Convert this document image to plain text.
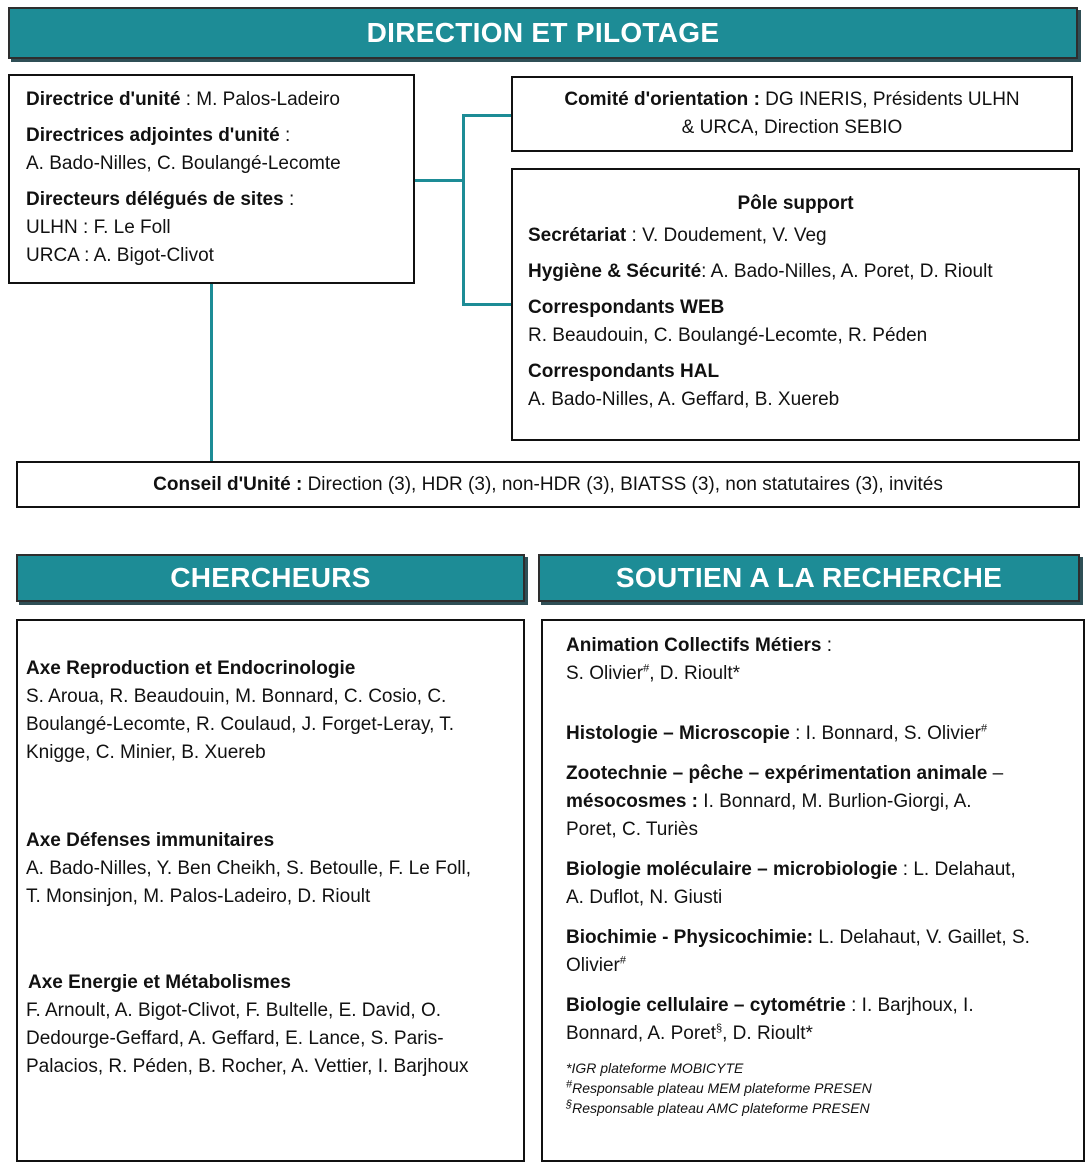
DIRECTION ET PILOTAGE

Directrice d'unité : M. Palos-Ladeiro

Directrices adjointes d'unité :

A. Bado-Nilles, C. Boulangé-Lecomte

Directeurs délégués de sites :

ULHN : F. Le Foll

URCA : A. Bigot-Clivot

Comité d'orientation : DG INERIS, Présidents ULHN

& URCA, Direction SEBIO

Pôle support

Secrétariat : V. Doudement, V. Veg

Hygiène & Sécurité: A. Bado-Nilles, A. Poret, D. Rioult

Correspondants WEB

R. Beaudouin, C. Boulangé-Lecomte, R. Péden

Correspondants HAL

A. Bado-Nilles, A. Geffard, B. Xuereb

Conseil d'Unité : Direction (3), HDR (3), non-HDR (3), BIATSS (3), non statutaires (3), invités

CHERCHEURS	SOUTIEN A LA RECHERCHE

Axe Reproduction et Endocrinologie

S. Aroua, R. Beaudouin, M. Bonnard, C. Cosio, C.

Boulangé-Lecomte, R. Coulaud, J. Forget-Leray, T.

Knigge, C. Minier, B. Xuereb

Axe Défenses immunitaires

A. Bado-Nilles, Y. Ben Cheikh, S. Betoulle, F. Le Foll,

T. Monsinjon, M. Palos-Ladeiro, D. Rioult

Axe Energie et Métabolismes

F. Arnoult, A. Bigot-Clivot, F. Bultelle, E. David, O.

Dedourge-Geffard, A. Geffard, E. Lance, S. Paris-

Palacios, R. Péden, B. Rocher, A. Vettier, I. Barjhoux

Animation Collectifs Métiers :

S. Olivier#, D. Rioult*

Histologie – Microscopie : I. Bonnard, S. Olivier#

Zootechnie – pêche – expérimentation animale –

mésocosmes : I. Bonnard, M. Burlion-Giorgi, A.

Poret, C. Turiès

Biologie moléculaire – microbiologie : L. Delahaut,

A. Duflot, N. Giusti

Biochimie - Physicochimie: L. Delahaut, V. Gaillet, S.

Olivier#

Biologie cellulaire – cytométrie : I. Barjhoux, I.

Bonnard, A. Poret§, D. Rioult*

*IGR plateforme MOBICYTE

#Responsable plateau MEM plateforme PRESEN

§Responsable plateau AMC plateforme PRESEN
